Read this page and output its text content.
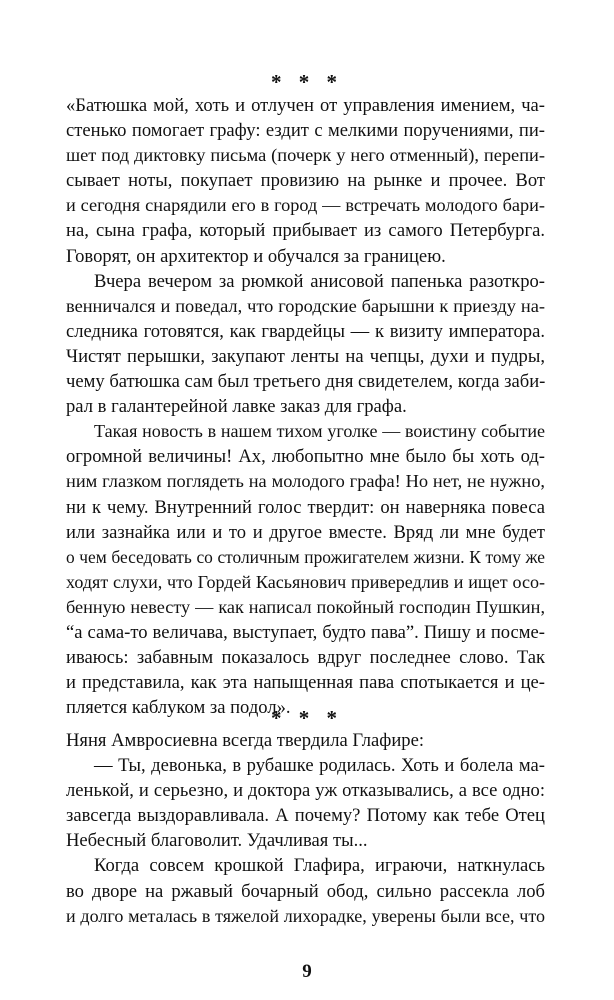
* * *
«Батюшка мой, хоть и отлучен от управления имением, ча-
стенько помогает графу: ездит с мелкими поручениями, пи-
шет под диктовку письма (почерк у него отменный), перепи-
сывает ноты, покупает провизию на рынке и прочее. Вот
и сегодня снарядили его в город — встречать молодого бари-
на, сына графа, который прибывает из самого Петербурга.
Говорят, он архитектор и обучался за границею.
Вчера вечером за рюмкой анисовой папенька разоткро-
венничался и поведал, что городские барышни к приезду на-
следника готовятся, как гвардейцы — к визиту императора.
Чистят перышки, закупают ленты на чепцы, духи и пудры,
чему батюшка сам был третьего дня свидетелем, когда заби-
рал в галантерейной лавке заказ для графа.
Такая новость в нашем тихом уголке — воистину событие
огромной величины! Ах, любопытно мне было бы хоть од-
ним глазком поглядеть на молодого графа! Но нет, не нужно,
ни к чему. Внутренний голос твердит: он наверняка повеса
или зазнайка или и то и другое вместе. Вряд ли мне будет
о чем беседовать со столичным прожигателем жизни. К тому же
ходят слухи, что Гордей Касьянович привередлив и ищет осо-
бенную невесту — как написал покойный господин Пушкин,
“а сама-то величава, выступает, будто пава”. Пишу и посме-
иваюсь: забавным показалось вдруг последнее слово. Так
и представила, как эта напыщенная пава спотыкается и це-
пляется каблуком за подол».
* * *
Няня Амвросиевна всегда твердила Глафире:
— Ты, девонька, в рубашке родилась. Хоть и болела ма-
ленькой, и серьезно, и доктора уж отказывались, а все одно:
завсегда выздоравливала. А почему? Потому как тебе Отец
Небесный благоволит. Удачливая ты...
Когда совсем крошкой Глафира, играючи, наткнулась
во дворе на ржавый бочарный обод, сильно рассекла лоб
и долго металась в тяжелой лихорадке, уверены были все, что
9
